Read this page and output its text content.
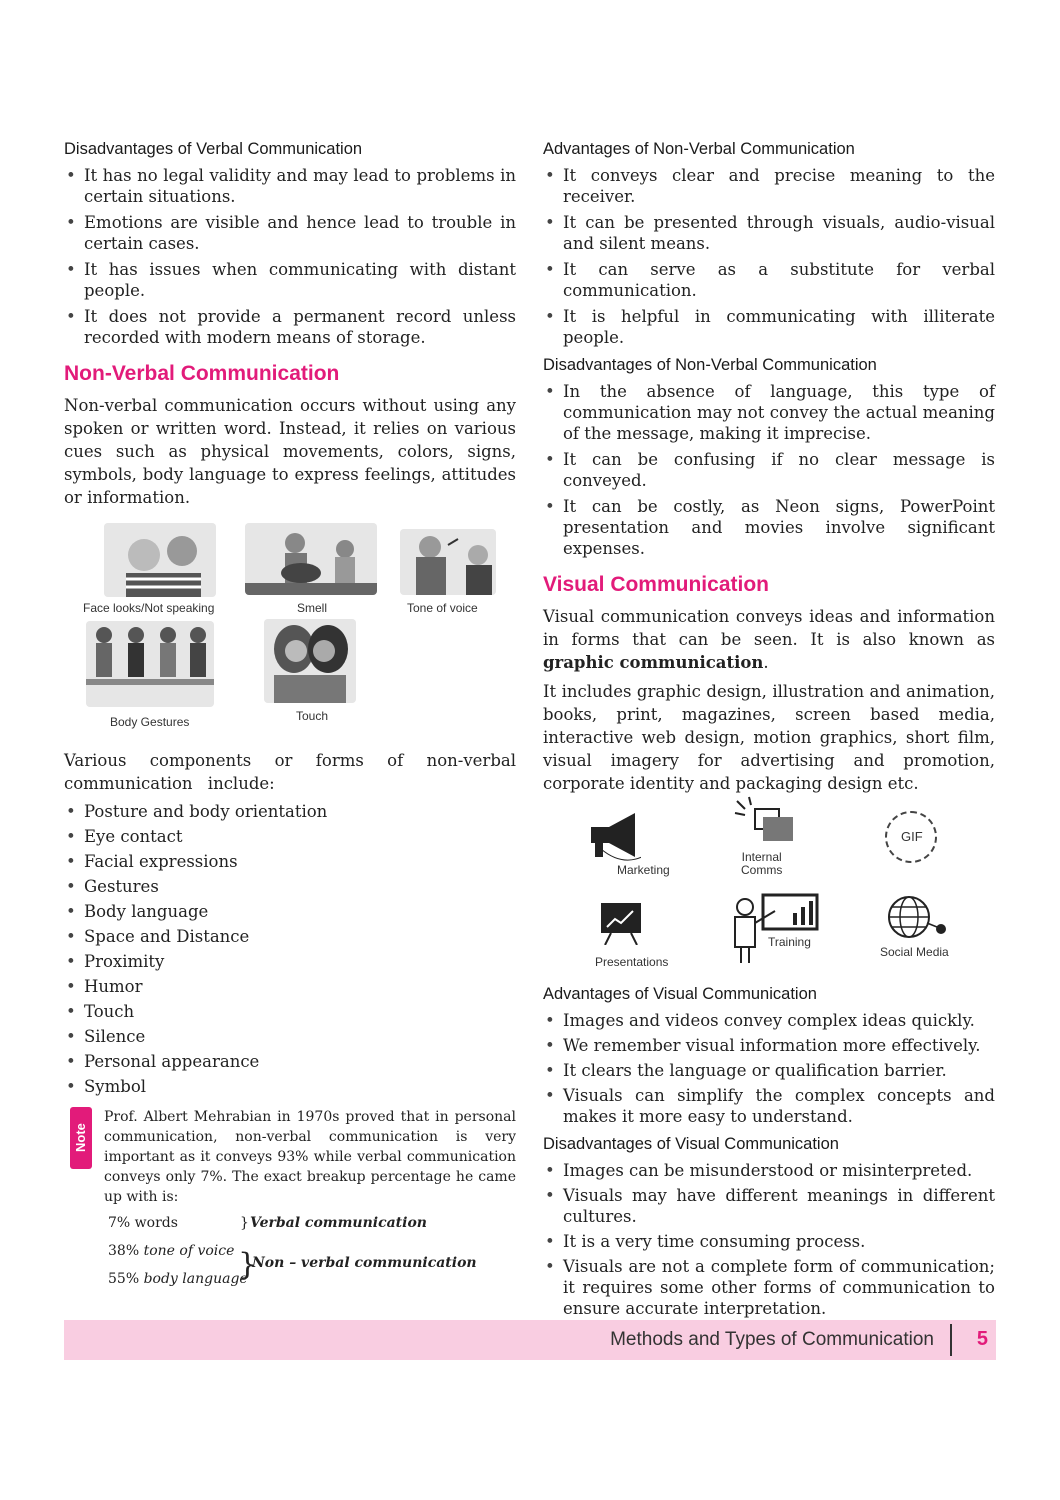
Disadvantages of Verbal Communication
• It has no legal validity and may lead to problems in certain situations.
• Emotions are visible and hence lead to trouble in certain cases.
• It has issues when communicating with distant people.
• It does not provide a permanent record unless recorded with modern means of storage.
Non-Verbal Communication

Non-verbal communication occurs without using any spoken or written word. Instead, it relies on various cues such as physical movements, colors, signs, symbols, body language to express feelings, attitudes or information.

Face looks/Not speaking	Smell	Tone of voice
Body Gestures	Touch

Various components or forms of non-verbal communication include:

• Posture and body orientation
• Eye contact
• Facial expressions
• Gestures
• Body language
• Space and Distance
• Proximity
• Humor
• Touch
• Silence
• Personal appearance
• Symbol
Note

Prof. Albert Mehrabian in 1970s proved that in personal communication, non-verbal communication is very important as it conveys 93% while verbal communication conveys only 7%. The exact breakup percentage he came up with is:

7% words	} Verbal communication
38% tone of voice
55% body language
}
Non – verbal communication
Advantages of Non-Verbal Communication
• It conveys clear and precise meaning to the receiver.
• It can be presented through visuals, audio-visual and silent means.
• It can serve as a substitute for verbal communication.
• It is helpful in communicating with illiterate people.
Disadvantages of Non-Verbal Communication
• In the absence of language, this type of communication may not convey the actual meaning of the message, making it imprecise.
• It can be confusing if no clear message is conveyed.
• It can be costly, as Neon signs, PowerPoint presentation and movies involve significant expenses.
Visual Communication

Visual communication conveys ideas and information in forms that can be seen. It is also known as graphic communication.

It includes graphic design, illustration and animation, books, print, magazines, screen based media, interactive web design, motion graphics, short film, visual imagery for advertising and promotion, corporate identity and packaging design etc.

Marketing
Internal
Comms
GIF
Presentations
Training
Social Media
Advantages of Visual Communication
• Images and videos convey complex ideas quickly.
• We remember visual information more effectively.
• It clears the language or qualification barrier.
• Visuals can simplify the complex concepts and makes it more easy to understand.
Disadvantages of Visual Communication
• Images can be misunderstood or misinterpreted.
• Visuals may have different meanings in different cultures.
• It is a very time consuming process.
• Visuals are not a complete form of communication; it requires some other forms of communication to ensure accurate interpretation.
Methods and Types of Communication 5
